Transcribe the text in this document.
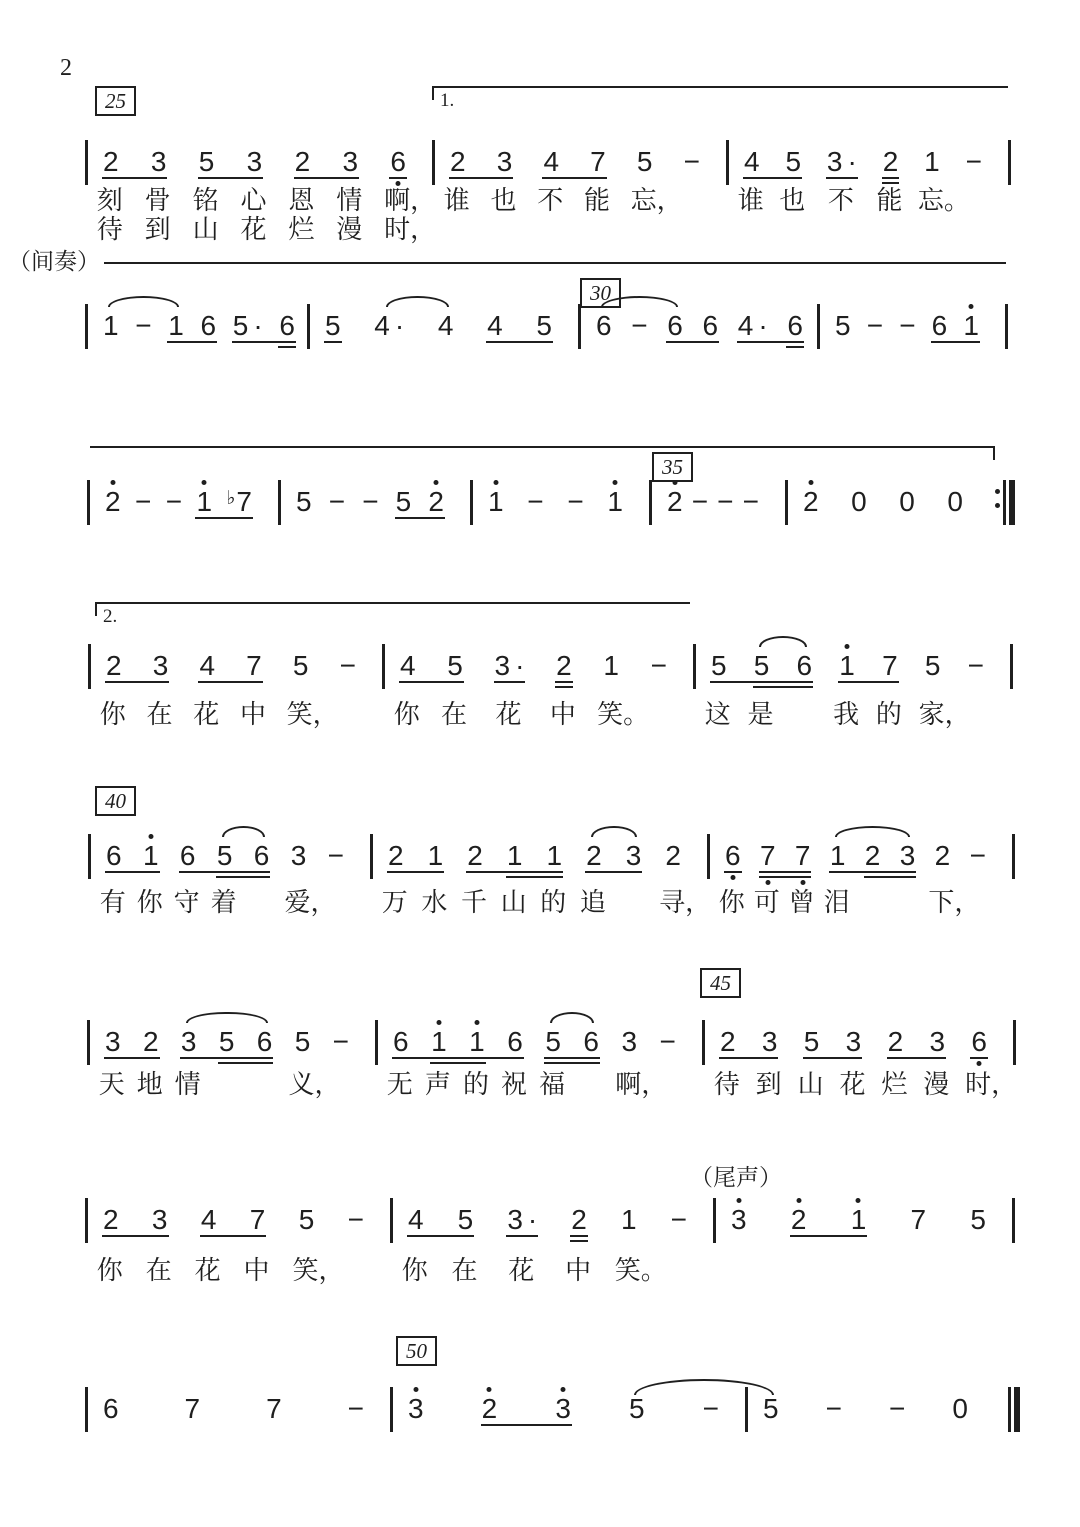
2
25	1.
2 3 5 3 2 3 6 2 3 4 7 5 − 4 5 3 · 2 1 −
刻 骨 铭 心 恩 情 啊，
待 到 山 花 烂 漫 时，
谁 也 不 能 忘， 谁 也 不 能 忘。
30
（间奏）
1 − 1 6 5 · 6 5 4 · 4 4 5 6 − 6 6 4 · 6 5 − − 6 1
35
2 − − 1 ♭7 5 − − 5 2 1 − − 1 2 − − − 2 0 0 0
2.
2 3 4 7 5 − 4 5 3 · 2 1 − 5 5 6 1 7 5 −
你 在 花 中 笑， 你 在 花 中 笑。 这 是 我 的 家，
40
6 1 6 5 6 3 − 2 1 2 1 1 2 3 2 6 7 7 1 2 3 2 −
有 你 守 着 爱， 万 水 千 山 的 追 寻， 你 可 曾 泪	下，
45
3 2 3 5 6 5 − 6 1 1 6 5 6 3 − 2 3 5 3 2 3 6
天 地 情	义， 无 声 的 祝 福 啊， 待 到 山 花 烂 漫 时，
（尾声）
2 3 4 7 5 − 4 5 3 · 2 1 − 3 2 1 7 5
你 在 花 中 笑， 你 在 花 中 笑。
50
6 7 7 − 3 2 3 5 − 5 − − 0
